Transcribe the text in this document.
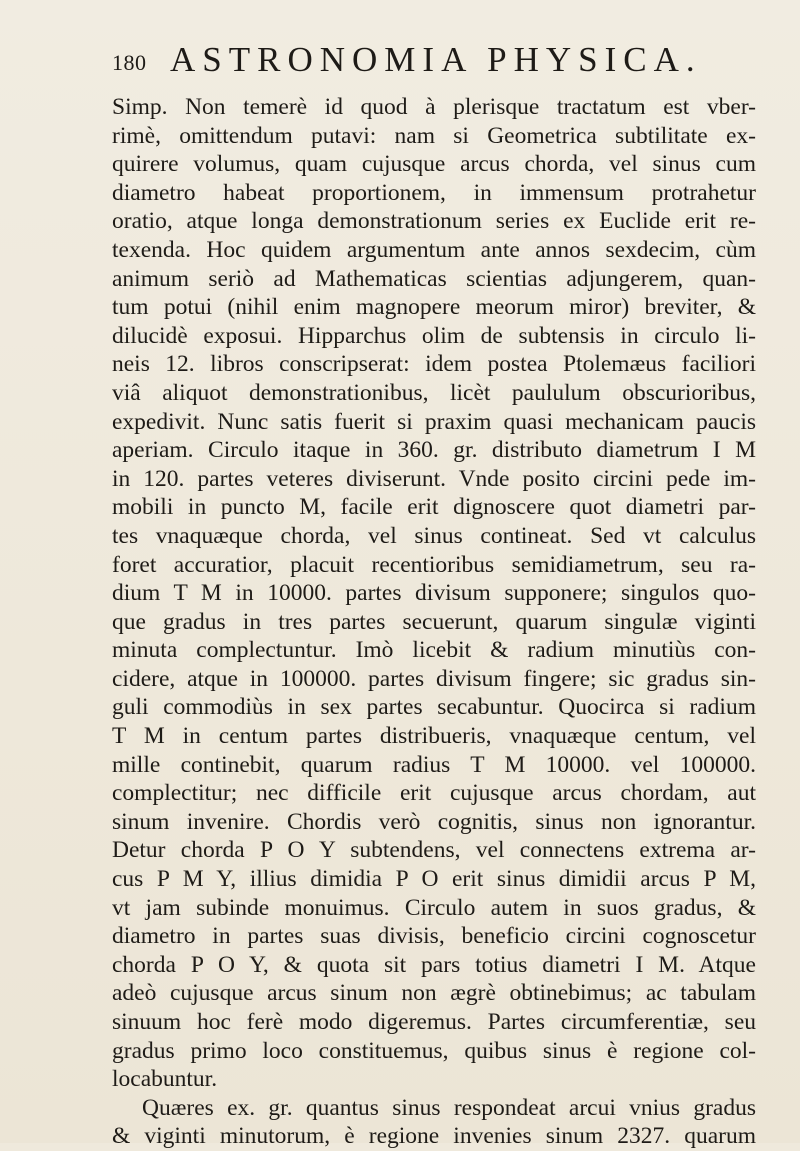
180 ASTRONOMIA PHYSICA.
Simp. Non temerè id quod à plerisque tractatum est vber-
rimè, omittendum putavi: nam si Geometrica subtilitate ex-
quirere volumus, quam cujusque arcus chorda, vel sinus cum
diametro habeat proportionem, in immensum protrahetur
oratio, atque longa demonstrationum series ex Euclide erit re-
texenda. Hoc quidem argumentum ante annos sexdecim, cùm
animum seriò ad Mathematicas scientias adjungerem, quan-
tum potui (nihil enim magnopere meorum miror) breviter, &
dilucidè exposui. Hipparchus olim de subtensis in circulo li-
neis 12. libros conscripserat: idem postea Ptolemæus faciliori
viâ aliquot demonstrationibus, licèt paululum obscurioribus,
expedivit. Nunc satis fuerit si praxim quasi mechanicam paucis
aperiam. Circulo itaque in 360. gr. distributo diametrum I M
in 120. partes veteres diviserunt. Vnde posito circini pede im-
mobili in puncto M, facile erit dignoscere quot diametri par-
tes vnaquæque chorda, vel sinus contineat. Sed vt calculus
foret accuratior, placuit recentioribus semidiametrum, seu ra-
dium T M in 10000. partes divisum supponere; singulos quo-
que gradus in tres partes secuerunt, quarum singulæ viginti
minuta complectuntur. Imò licebit & radium minutiùs con-
cidere, atque in 100000. partes divisum fingere; sic gradus sin-
guli commodiùs in sex partes secabuntur. Quocirca si radium
T M in centum partes distribueris, vnaquæque centum, vel
mille continebit, quarum radius T M 10000. vel 100000.
complectitur; nec difficile erit cujusque arcus chordam, aut
sinum invenire. Chordis verò cognitis, sinus non ignorantur.
Detur chorda P O Y subtendens, vel connectens extrema ar-
cus P M Y, illius dimidia P O erit sinus dimidii arcus P M,
vt jam subinde monuimus. Circulo autem in suos gradus, &
diametro in partes suas divisis, beneficio circini cognoscetur
chorda P O Y, & quota sit pars totius diametri I M. Atque
adeò cujusque arcus sinum non ægrè obtinebimus; ac tabulam
sinuum hoc ferè modo digeremus. Partes circumferentiæ, seu
gradus primo loco constituemus, quibus sinus è regione col-
locabuntur.
Quæres ex. gr. quantus sinus respondeat arcui vnius gradus
& viginti minutorum, è regione invenies sinum 2327. quarum
